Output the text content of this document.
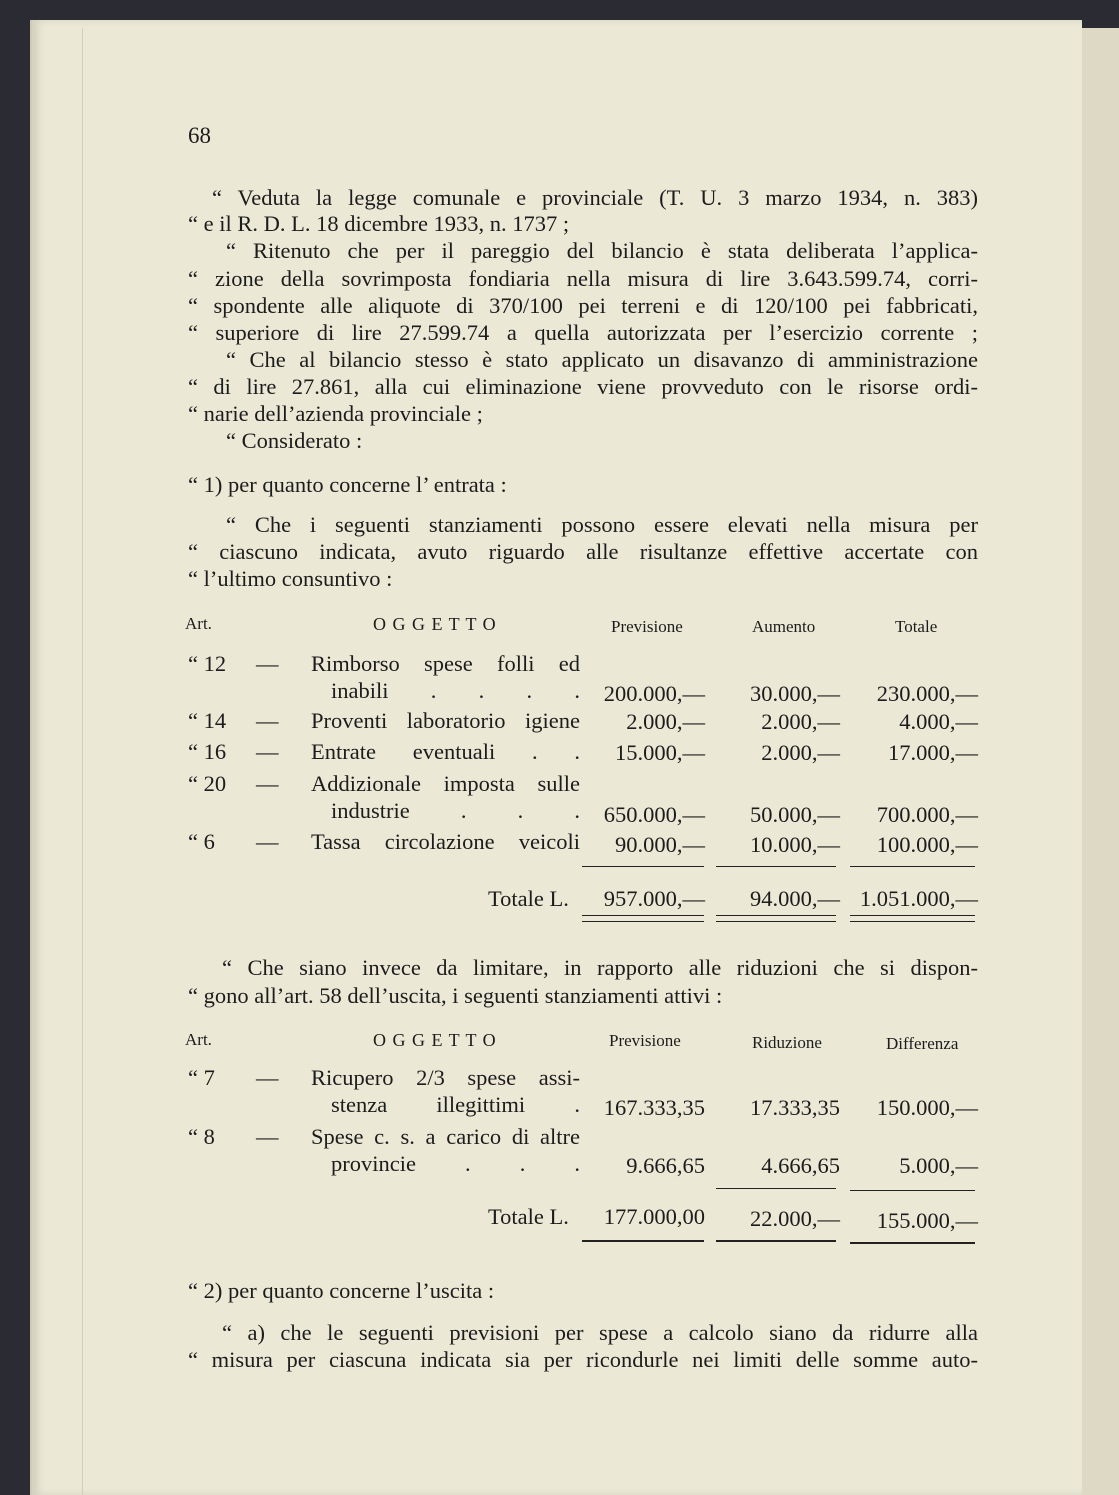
68
“ Veduta la legge comunale e provinciale (T. U. 3 marzo 1934, n. 383)
“ e il R. D. L. 18 dicembre 1933, n. 1737 ;
“ Ritenuto che per il pareggio del bilancio è stata deliberata l’applica-
“ zione della sovrimposta fondiaria nella misura di lire 3.643.599.74, corri-
“ spondente alle aliquote di 370/100 pei terreni e di 120/100 pei fabbricati,
“ superiore di lire 27.599.74 a quella autorizzata per l’esercizio corrente ;
“ Che al bilancio stesso è stato applicato un disavanzo di amministrazione
“ di lire 27.861, alla cui eliminazione viene provveduto con le risorse ordi-
“ narie dell’azienda provinciale ;
“ Considerato :
“ 1) per quanto concerne l’ entrata :
“ Che i seguenti stanziamenti possono essere elevati nella misura per
“ ciascuno indicata, avuto riguardo alle risultanze effettive accertate con
“ l’ultimo consuntivo :
Art.	O G G E T T O	Previsione	Aumento	Totale
“ 12 — Rimborso spese folli ed
inabili . . . .	200.000,—	30.000,—	230.000,—
“ 14 — Proventi laboratorio igiene	2.000,—	2.000,—	4.000,—
“ 16 — Entrate eventuali . .	15.000,—	2.000,—	17.000,—
“ 20 — Addizionale imposta sulle
industrie . . .	650.000,—	50.000,—	700.000,—
“ 6 — Tassa circolazione veicoli	90.000,—	10.000,—	100.000,—
Totale L.	957.000,—	94.000,— 1.051.000,—
“ Che siano invece da limitare, in rapporto alle riduzioni che si dispon-
“ gono all’art. 58 dell’uscita, i seguenti stanziamenti attivi :
Art.	O G G E T T O	Previsione	Riduzione	Differenza
“ 7 — Ricupero 2/3 spese assi-
stenza illegittimi .	167.333,35	17.333,35	150.000,—
“ 8 — Spese c. s. a carico di altre
provincie . . .	9.666,65	4.666,65	5.000,—
Totale L.	177.000,00	22.000,—	155.000,—
“ 2) per quanto concerne l’uscita :
“ a) che le seguenti previsioni per spese a calcolo siano da ridurre alla
“ misura per ciascuna indicata sia per ricondurle nei limiti delle somme auto-
